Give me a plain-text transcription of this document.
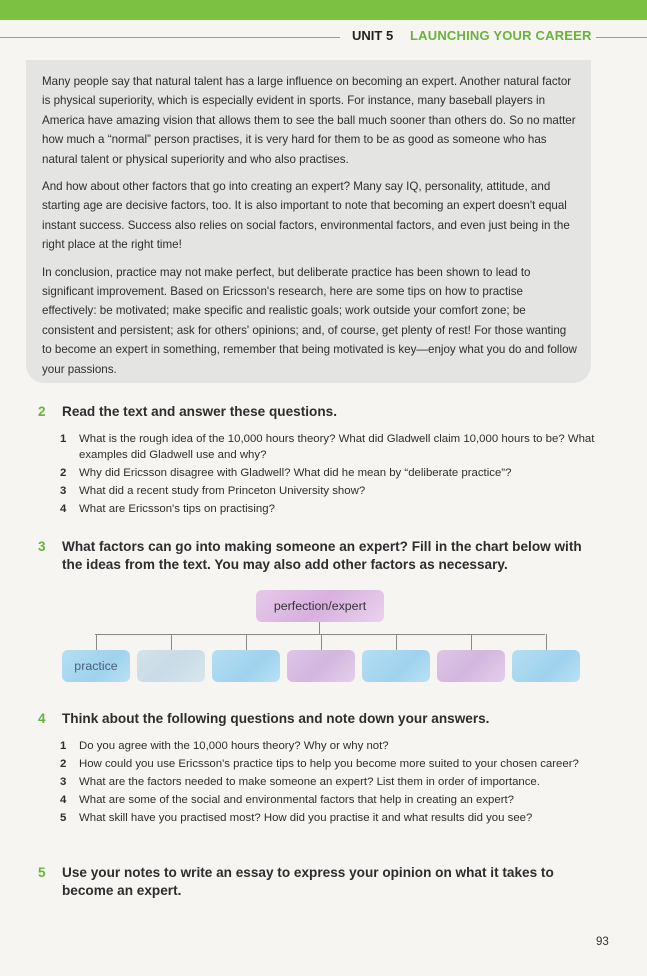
UNIT 5 LAUNCHING YOUR CAREER

Many people say that natural talent has a large influence on becoming an expert. Another natural factor is physical superiority, which is especially evident in sports. For instance, many baseball players in America have amazing vision that allows them to see the ball much sooner than others do. So no matter how much a “normal” person practises, it is very hard for them to be as good as someone who has natural talent or physical superiority and who also practises.

And how about other factors that go into creating an expert? Many say IQ, personality, attitude, and starting age are decisive factors, too. It is also important to note that becoming an expert doesn't equal instant success. Success also relies on social factors, environmental factors, and even just being in the right place at the right time!

In conclusion, practice may not make perfect, but deliberate practice has been shown to lead to significant improvement. Based on Ericsson's research, here are some tips on how to practise effectively: be motivated; make specific and realistic goals; work outside your comfort zone; be consistent and persistent; ask for others' opinions; and, of course, get plenty of rest! For those wanting to become an expert in something, remember that being motivated is key—enjoy what you do and follow your passions.

2	Read the text and answer these questions.
1	What is the rough idea of the 10,000 hours theory? What did Gladwell claim 10,000 hours to be? What examples did Gladwell use and why?
2	Why did Ericsson disagree with Gladwell? What did he mean by “deliberate practice”?
3	What did a recent study from Princeton University show?
4	What are Ericsson's tips on practising?
3	What factors can go into making someone an expert? Fill in the chart below with the ideas from the text. You may also add other factors as necessary.
perfection/expert
practice
4	Think about the following questions and note down your answers.
1	Do you agree with the 10,000 hours theory? Why or why not?
2	How could you use Ericsson's practice tips to help you become more suited to your chosen career?
3	What are the factors needed to make someone an expert? List them in order of importance.
4	What are some of the social and environmental factors that help in creating an expert?
5	What skill have you practised most? How did you practise it and what results did you see?
5	Use your notes to write an essay to express your opinion on what it takes to become an expert.
93
